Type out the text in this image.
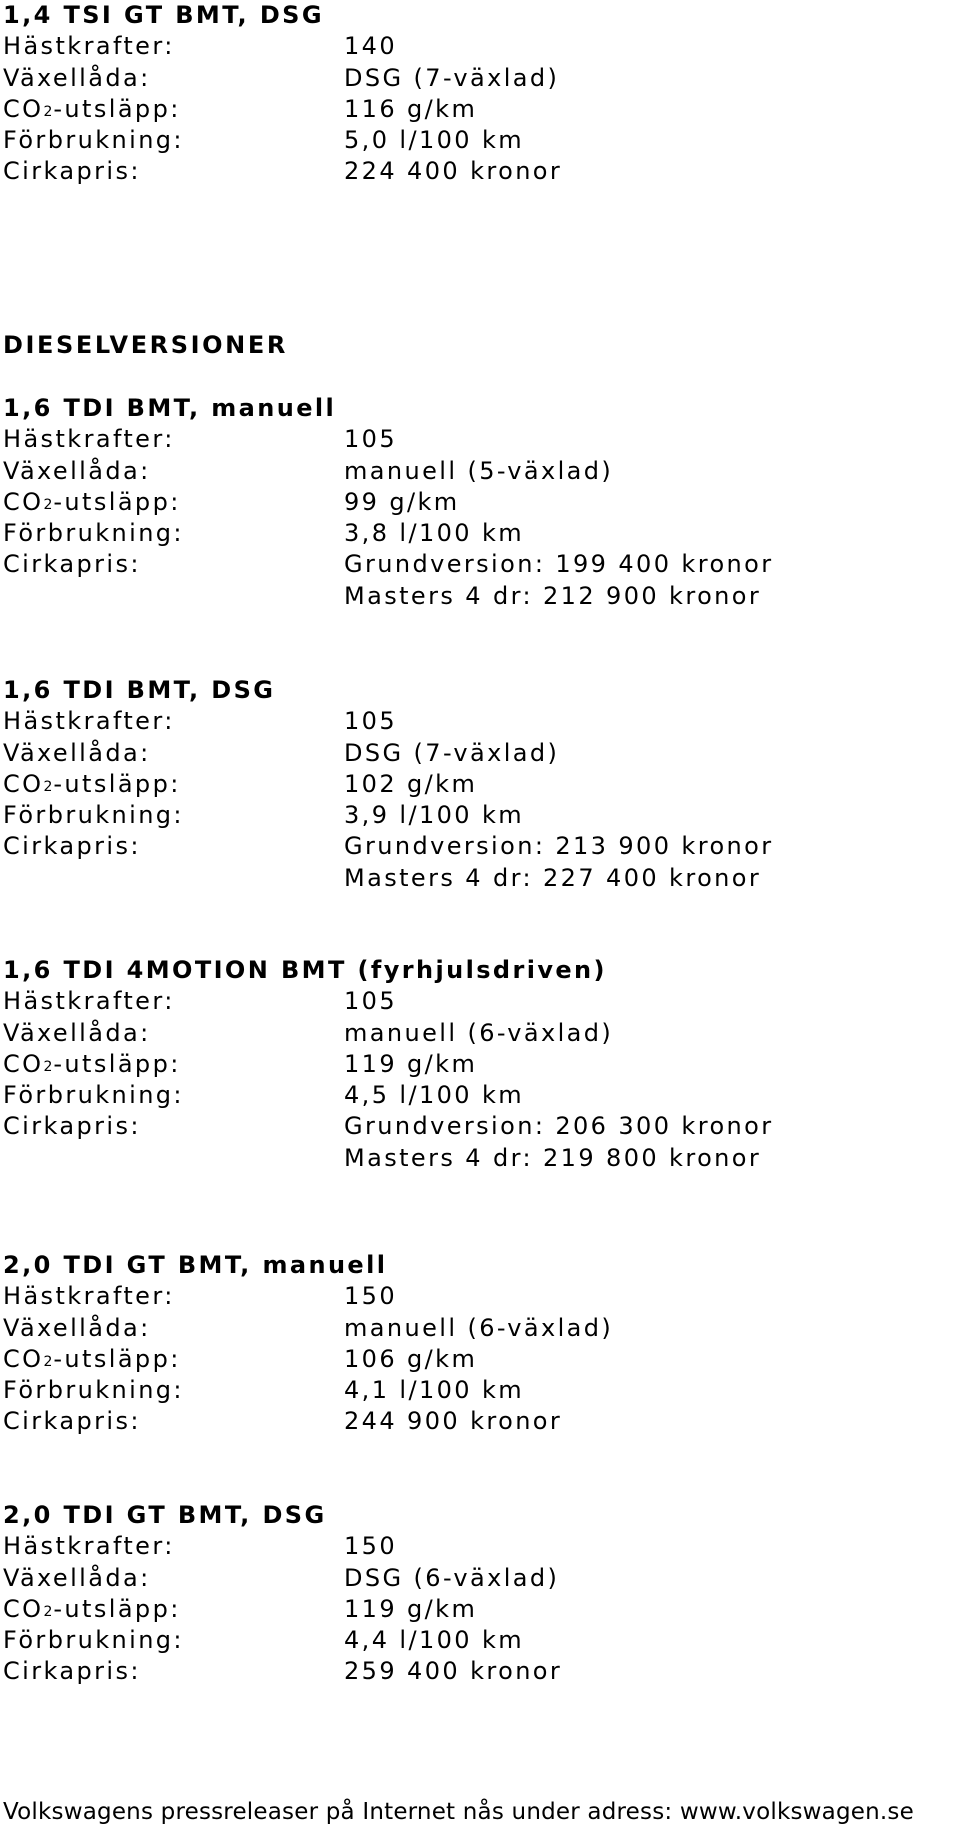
1,4 TSI GT BMT, DSG
Hästkrafter:	140
Växellåda:	DSG (7-växlad)
CO2-utsläpp:	116 g/km
Förbrukning:	5,0 l/100 km
Cirkapris:	224 400 kronor
DIESELVERSIONER
1,6 TDI BMT, manuell
Hästkrafter:	105
Växellåda:	manuell (5-växlad)
CO2-utsläpp:	99 g/km
Förbrukning:	3,8 l/100 km
Cirkapris:	Grundversion: 199 400 kronor
Masters 4 dr: 212 900 kronor
1,6 TDI BMT, DSG
Hästkrafter:	105
Växellåda:	DSG (7-växlad)
CO2-utsläpp:	102 g/km
Förbrukning:	3,9 l/100 km
Cirkapris:	Grundversion: 213 900 kronor
Masters 4 dr: 227 400 kronor
1,6 TDI 4MOTION BMT (fyrhjulsdriven)
Hästkrafter:	105
Växellåda:	manuell (6-växlad)
CO2-utsläpp:	119 g/km
Förbrukning:	4,5 l/100 km
Cirkapris:	Grundversion: 206 300 kronor
Masters 4 dr: 219 800 kronor
2,0 TDI GT BMT, manuell
Hästkrafter:	150
Växellåda:	manuell (6-växlad)
CO2-utsläpp:	106 g/km
Förbrukning:	4,1 l/100 km
Cirkapris:	244 900 kronor
2,0 TDI GT BMT, DSG
Hästkrafter:	150
Växellåda:	DSG (6-växlad)
CO2-utsläpp:	119 g/km
Förbrukning:	4,4 l/100 km
Cirkapris:	259 400 kronor
Volkswagens pressreleaser på Internet nås under adress: www.volkswagen.se
